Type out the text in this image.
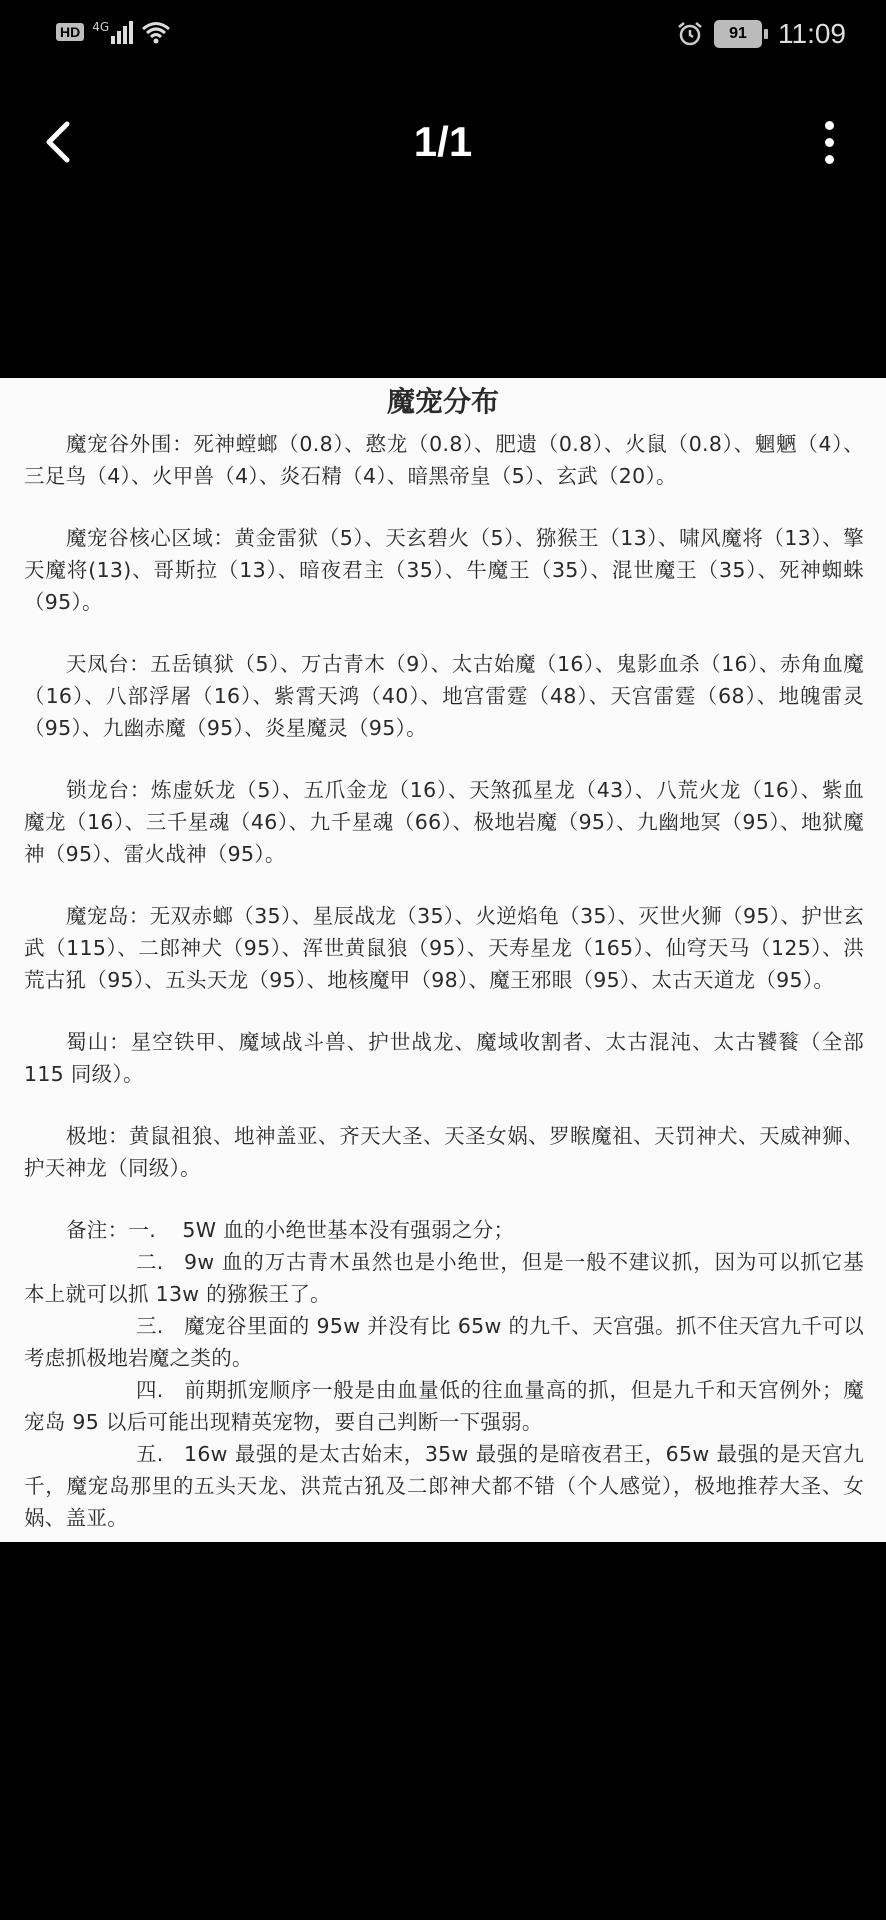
HD	4G	91	11:09
1/1
魔宠分布

魔宠谷外围：死神螳螂（0.8）、憨龙（0.8）、肥遗（0.8）、火鼠（0.8）、魍魉（4）、三足鸟（4）、火甲兽（4）、炎石精（4）、暗黑帝皇（5）、玄武（20）。

魔宠谷核心区域：黄金雷狱（5）、天玄碧火（5）、猕猴王（13）、啸风魔将（13）、擎天魔将(13)、哥斯拉（13）、暗夜君主（35）、牛魔王（35）、混世魔王（35）、死神蜘蛛（95）。

天凤台：五岳镇狱（5）、万古青木（9）、太古始魔（16）、鬼影血杀（16）、赤角血魔（16）、八部浮屠（16）、紫霄天鸿（40）、地宫雷霆（48）、天宫雷霆（68）、地魄雷灵（95）、九幽赤魔（95）、炎星魔灵（95）。

锁龙台：炼虚妖龙（5）、五爪金龙（16）、天煞孤星龙（43）、八荒火龙（16）、紫血魔龙（16）、三千星魂（46）、九千星魂（66）、极地岩魔（95）、九幽地冥（95）、地狱魔神（95）、雷火战神（95）。

魔宠岛：无双赤螂（35）、星辰战龙（35）、火逆焰龟（35）、灭世火狮（95）、护世玄武（115）、二郎神犬（95）、浑世黄鼠狼（95）、天寿星龙（165）、仙穹天马（125）、洪荒古犼（95）、五头天龙（95）、地核魔甲（98）、魔王邪眼（95）、太古天道龙（95）。

蜀山：星空铁甲、魔域战斗兽、护世战龙、魔域收割者、太古混沌、太古饕餮（全部 115 同级）。

极地：黄鼠祖狼、地神盖亚、齐天大圣、天圣女娲、罗睺魔祖、天罚神犬、天威神狮、护天神龙（同级）。

备注：一. 5W 血的小绝世基本没有强弱之分；

二. 9w 血的万古青木虽然也是小绝世，但是一般不建议抓，因为可以抓它基本上就可以抓 13w 的猕猴王了。

三. 魔宠谷里面的 95w 并没有比 65w 的九千、天宫强。抓不住天宫九千可以考虑抓极地岩魔之类的。

四. 前期抓宠顺序一般是由血量低的往血量高的抓，但是九千和天宫例外；魔宠岛 95 以后可能出现精英宠物，要自己判断一下强弱。

五. 16w 最强的是太古始末，35w 最强的是暗夜君王，65w 最强的是天宫九千，魔宠岛那里的五头天龙、洪荒古犼及二郎神犬都不错（个人感觉），极地推荐大圣、女娲、盖亚。
